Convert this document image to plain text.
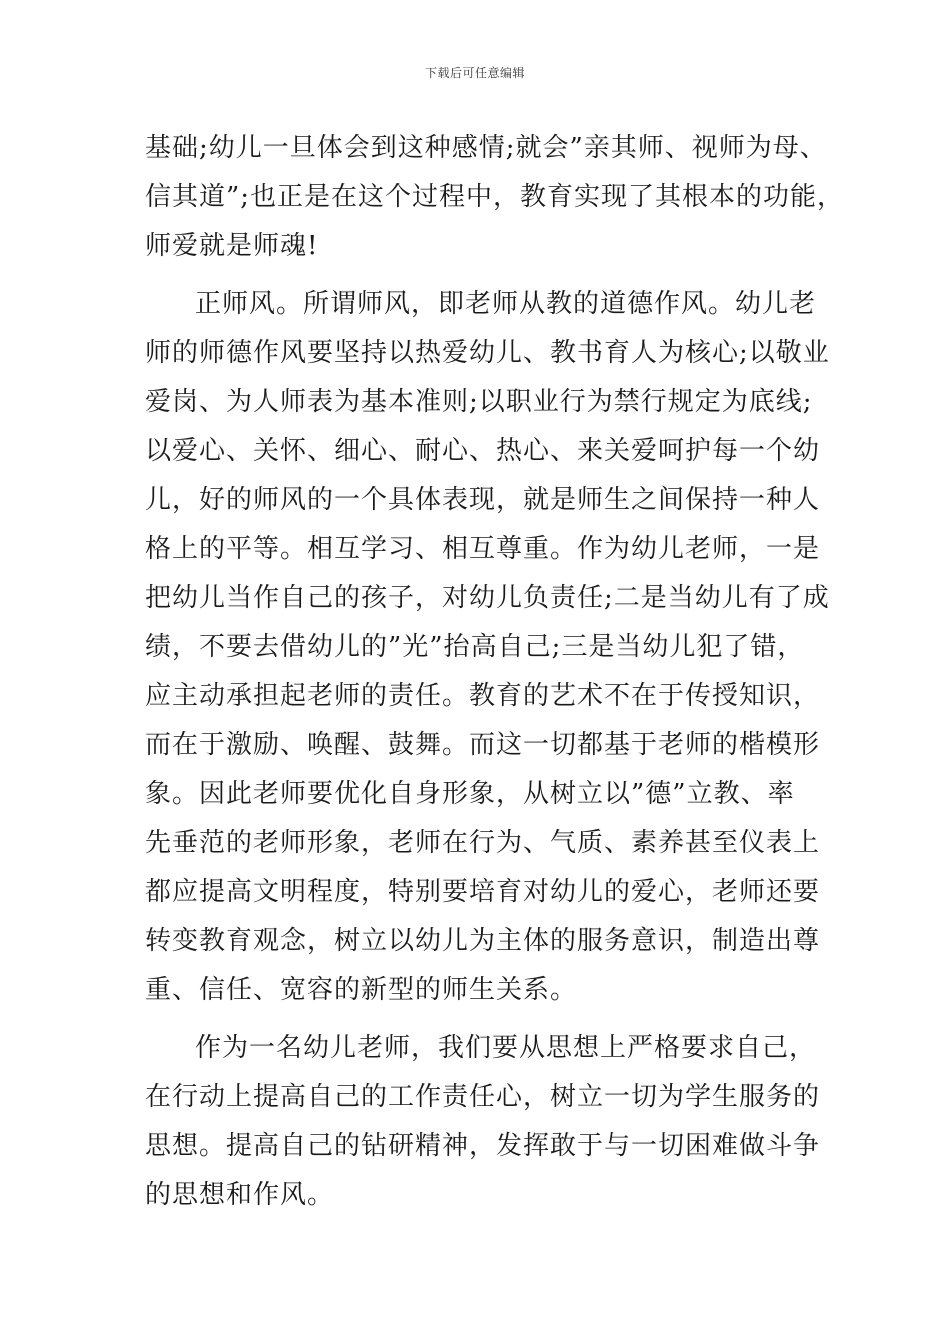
下载后可任意编辑
基础;幼儿一旦体会到这种感情;就会”亲其师、视师为母、
信其道”;也正是在这个过程中，教育实现了其根本的功能，
师爱就是师魂!
正师风。所谓师风，即老师从教的道德作风。幼儿老
师的师德作风要坚持以热爱幼儿、教书育人为核心;以敬业
爱岗、为人师表为基本准则;以职业行为禁行规定为底线;
以爱心、关怀、细心、耐心、热心、来关爱呵护每一个幼
儿，好的师风的一个具体表现，就是师生之间保持一种人
格上的平等。相互学习、相互尊重。作为幼儿老师，一是
把幼儿当作自己的孩子，对幼儿负责任;二是当幼儿有了成
绩，不要去借幼儿的”光”抬高自己;三是当幼儿犯了错，
应主动承担起老师的责任。教育的艺术不在于传授知识，
而在于激励、唤醒、鼓舞。而这一切都基于老师的楷模形
象。因此老师要优化自身形象，从树立以”德”立教、率
先垂范的老师形象，老师在行为、气质、素养甚至仪表上
都应提高文明程度，特别要培育对幼儿的爱心，老师还要
转变教育观念，树立以幼儿为主体的服务意识，制造出尊
重、信任、宽容的新型的师生关系。
作为一名幼儿老师，我们要从思想上严格要求自己，
在行动上提高自己的工作责任心，树立一切为学生服务的
思想。提高自己的钻研精神，发挥敢于与一切困难做斗争
的思想和作风。
